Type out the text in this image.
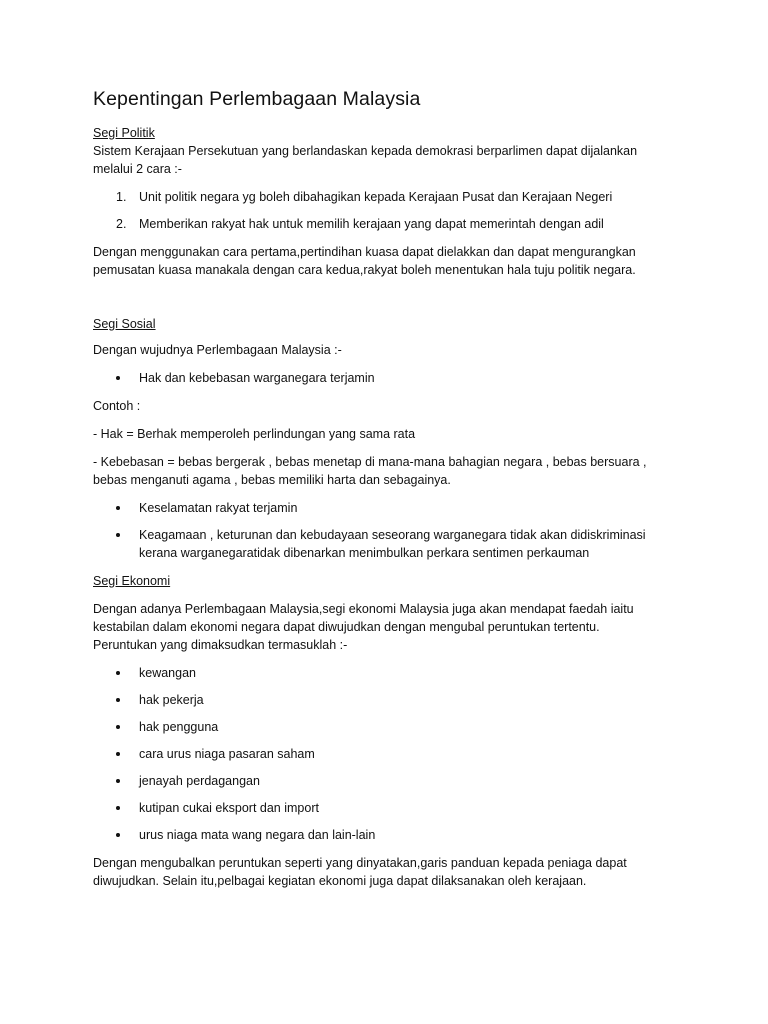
Kepentingan Perlembagaan Malaysia
Segi Politik

Sistem Kerajaan Persekutuan yang berlandaskan kepada demokrasi berparlimen dapat dijalankan

melalui 2 cara :-

1. Unit politik negara yg boleh dibahagikan kepada Kerajaan Pusat dan Kerajaan Negeri
2. Memberikan rakyat hak untuk memilih kerajaan yang dapat memerintah dengan adil

Dengan menggunakan cara pertama,pertindihan kuasa dapat dielakkan dan dapat mengurangkan

pemusatan kuasa manakala dengan cara kedua,rakyat boleh menentukan hala tuju politik negara.

Segi Sosial

Dengan wujudnya Perlembagaan Malaysia :-

Hak dan kebebasan warganegara terjamin

Contoh :

- Hak = Berhak memperoleh perlindungan yang sama rata

- Kebebasan = bebas bergerak , bebas menetap di mana-mana bahagian negara , bebas bersuara ,

bebas menganuti agama , bebas memiliki harta dan sebagainya.

Keselamatan rakyat terjamin
Keagamaan , keturunan dan kebudayaan seseorang warganegara tidak akan didiskriminasi
kerana warganegaratidak dibenarkan menimbulkan perkara sentimen perkauman
Segi Ekonomi

Dengan adanya Perlembagaan Malaysia,segi ekonomi Malaysia juga akan mendapat faedah iaitu

kestabilan dalam ekonomi negara dapat diwujudkan dengan mengubal peruntukan tertentu.

Peruntukan yang dimaksudkan termasuklah :-

kewangan
hak pekerja
hak pengguna
cara urus niaga pasaran saham
jenayah perdagangan
kutipan cukai eksport dan import
urus niaga mata wang negara dan lain-lain

Dengan mengubalkan peruntukan seperti yang dinyatakan,garis panduan kepada peniaga dapat

diwujudkan. Selain itu,pelbagai kegiatan ekonomi juga dapat dilaksanakan oleh kerajaan.
